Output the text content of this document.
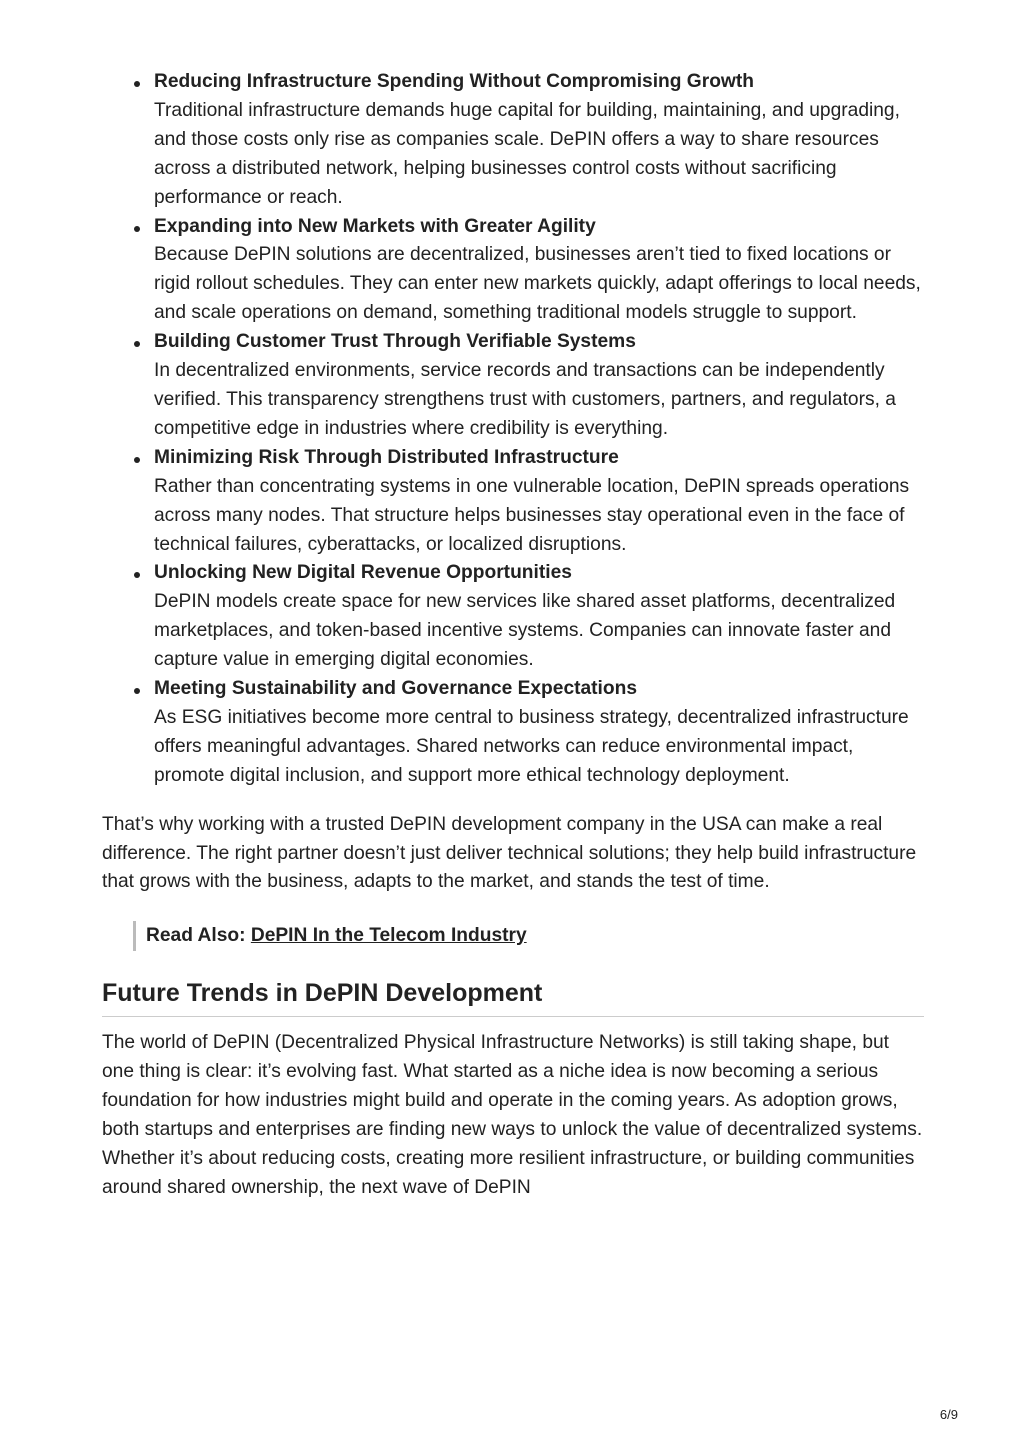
Reducing Infrastructure Spending Without Compromising Growth
Traditional infrastructure demands huge capital for building, maintaining, and upgrading, and those costs only rise as companies scale. DePIN offers a way to share resources across a distributed network, helping businesses control costs without sacrificing performance or reach.
Expanding into New Markets with Greater Agility
Because DePIN solutions are decentralized, businesses aren’t tied to fixed locations or rigid rollout schedules. They can enter new markets quickly, adapt offerings to local needs, and scale operations on demand, something traditional models struggle to support.
Building Customer Trust Through Verifiable Systems
In decentralized environments, service records and transactions can be independently verified. This transparency strengthens trust with customers, partners, and regulators, a competitive edge in industries where credibility is everything.
Minimizing Risk Through Distributed Infrastructure
Rather than concentrating systems in one vulnerable location, DePIN spreads operations across many nodes. That structure helps businesses stay operational even in the face of technical failures, cyberattacks, or localized disruptions.
Unlocking New Digital Revenue Opportunities
DePIN models create space for new services like shared asset platforms, decentralized marketplaces, and token-based incentive systems. Companies can innovate faster and capture value in emerging digital economies.
Meeting Sustainability and Governance Expectations
As ESG initiatives become more central to business strategy, decentralized infrastructure offers meaningful advantages. Shared networks can reduce environmental impact, promote digital inclusion, and support more ethical technology deployment.

That’s why working with a trusted DePIN development company in the USA can make a real difference. The right partner doesn’t just deliver technical solutions; they help build infrastructure that grows with the business, adapts to the market, and stands the test of time.

Read Also: DePIN In the Telecom Industry
Future Trends in DePIN Development

The world of DePIN (Decentralized Physical Infrastructure Networks) is still taking shape, but one thing is clear: it’s evolving fast. What started as a niche idea is now becoming a serious foundation for how industries might build and operate in the coming years. As adoption grows, both startups and enterprises are finding new ways to unlock the value of decentralized systems. Whether it’s about reducing costs, creating more resilient infrastructure, or building communities around shared ownership, the next wave of DePIN

6/9
